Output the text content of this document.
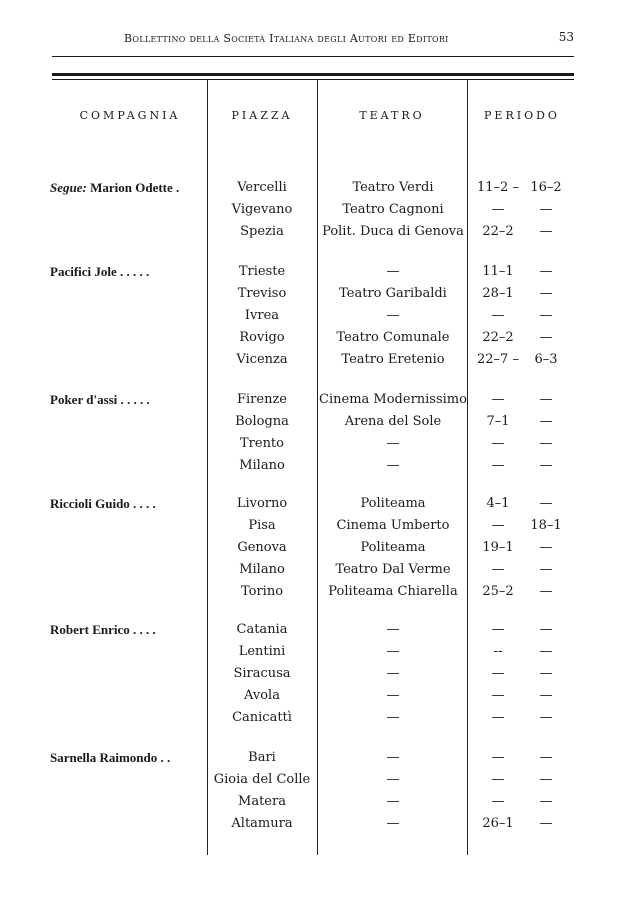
Bollettino della Società Italiana degli Autori ed Editori	53
COMPAGNIA	PIAZZA	TEATRO	PERIODO
Segue: Marion Odette .	Vercelli	Teatro Verdi	11–2 – 16–2
Vigevano	Teatro Cagnoni	—	—
Spezia	Polit. Duca di Genova	22–2	—
Pacifici Jole . . . . .	Trieste	—	11–1	—
Treviso	Teatro Garibaldi	28–1	—
Ivrea	—	—	—
Rovigo	Teatro Comunale	22–2	—
Vicenza	Teatro Eretenio	22–7 –	6–3
Poker d'assi . . . . .	Firenze	Cinema Modernissimo	—	—
Bologna	Arena del Sole	7–1	—
Trento	—	—	—
Milano	—	—	—
Riccioli Guido . . . .	Livorno	Politeama	4–1	—
Pisa	Cinema Umberto	—	18–1
Genova	Politeama	19–1	—
Milano	Teatro Dal Verme	—	—
Torino	Politeama Chiarella	25–2	—
Robert Enrico . . . .	Catania	—	—	—
Lentini	—	--	—
Siracusa	—	—	—
Avola	—	—	—
Canicattì	—	—	—
Sarnella Raimondo . .	Bari	—	—	—
Gioia del Colle	—	—	—
Matera	—	—	—
Altamura	—	26–1	—
